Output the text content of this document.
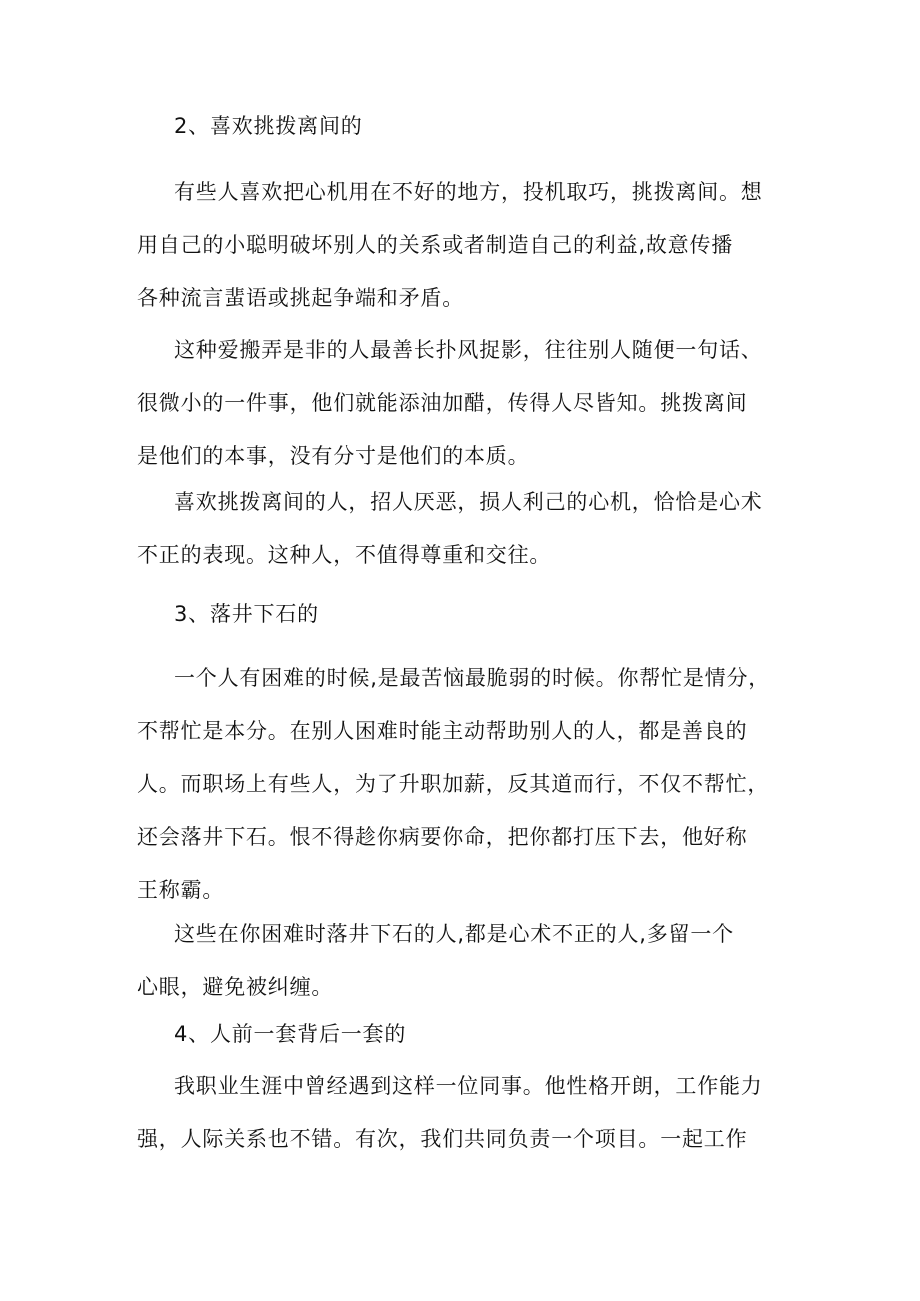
2、喜欢挑拨离间的
有些人喜欢把心机用在不好的地方，投机取巧，挑拨离间。想
用自己的小聪明破坏别人的关系或者制造自己的利益,故意传播
各种流言蜚语或挑起争端和矛盾。
这种爱搬弄是非的人最善长扑风捉影，往往别人随便一句话、
很微小的一件事，他们就能添油加醋，传得人尽皆知。挑拨离间
是他们的本事，没有分寸是他们的本质。
喜欢挑拨离间的人，招人厌恶，损人利己的心机，恰恰是心术
不正的表现。这种人，不值得尊重和交往。
3、落井下石的
一个人有困难的时候,是最苦恼最脆弱的时候。你帮忙是情分，
不帮忙是本分。在别人困难时能主动帮助别人的人，都是善良的
人。而职场上有些人，为了升职加薪，反其道而行，不仅不帮忙，
还会落井下石。恨不得趁你病要你命，把你都打压下去，他好称
王称霸。
这些在你困难时落井下石的人,都是心术不正的人,多留一个
心眼，避免被纠缠。
4、人前一套背后一套的
我职业生涯中曾经遇到这样一位同事。他性格开朗，工作能力
强，人际关系也不错。有次，我们共同负责一个项目。一起工作
